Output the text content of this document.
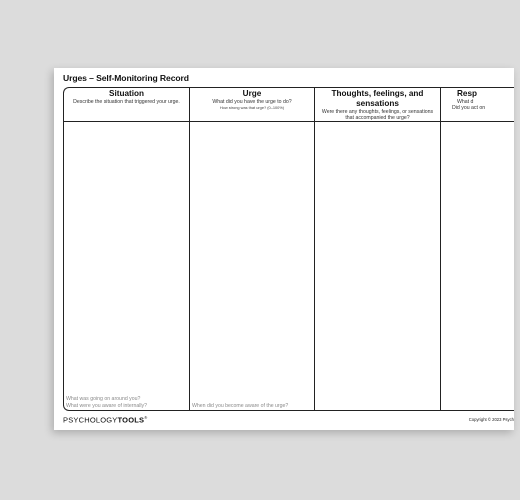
Urges – Self-Monitoring Record
Situation
Describe the situation that triggered your urge.
What was going on around you?
What were you aware of internally?
Urge
What did you have the urge to do?
How strong was that urge? (0–100%)
When did you become aware of the urge?
Thoughts, feelings, and sensations
Were there any thoughts, feelings, or sensations that accompanied the urge?
Resp
What d
Did you act on
PSYCHOLOGYTOOLS®	Copyright © 2023 Psych
